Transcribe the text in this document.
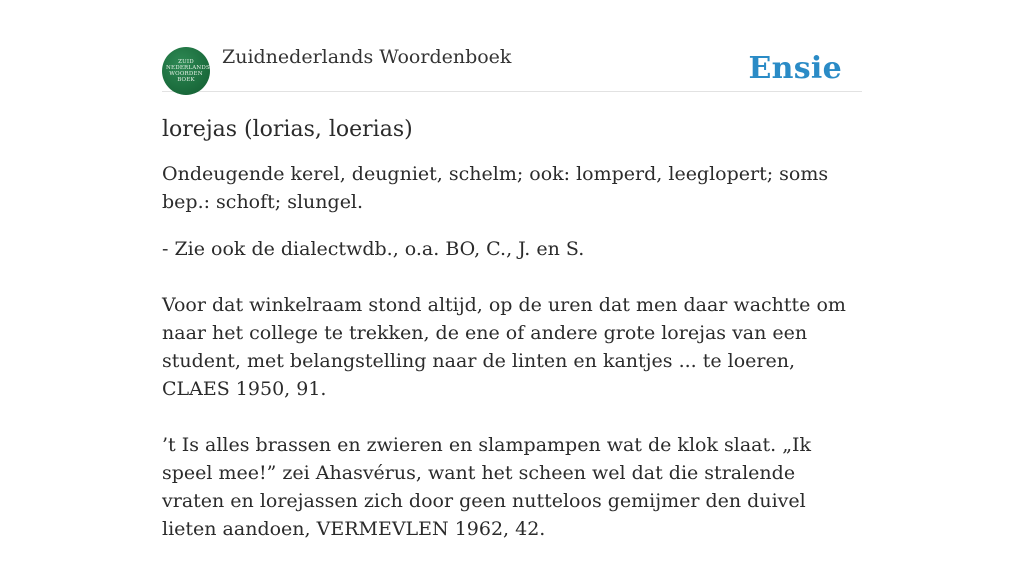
ZUID NEDERLANDS WOORDEN BOEK
Zuidnederlands Woordenboek	Ensie
lorejas (lorias, loerias)

Ondeugende kerel, deugniet, schelm; ook: lomperd, leeglopert; soms bep.: schoft; slungel.

- Zie ook de dialectwdb., o.a. BO, C., J. en S.

Voor dat winkelraam stond altijd, op de uren dat men daar wachtte om naar het college te trekken, de ene of andere grote lorejas van een student, met belangstelling naar de linten en kantjes ... te loeren, CLAES 1950, 91.

’t Is alles brassen en zwieren en slampampen wat de klok slaat. „Ik speel mee!” zei Ahasvérus, want het scheen wel dat die stralende vraten en lorejassen zich door geen nutteloos gemijmer den duivel lieten aandoen, VERMEVLEN 1962, 42.
